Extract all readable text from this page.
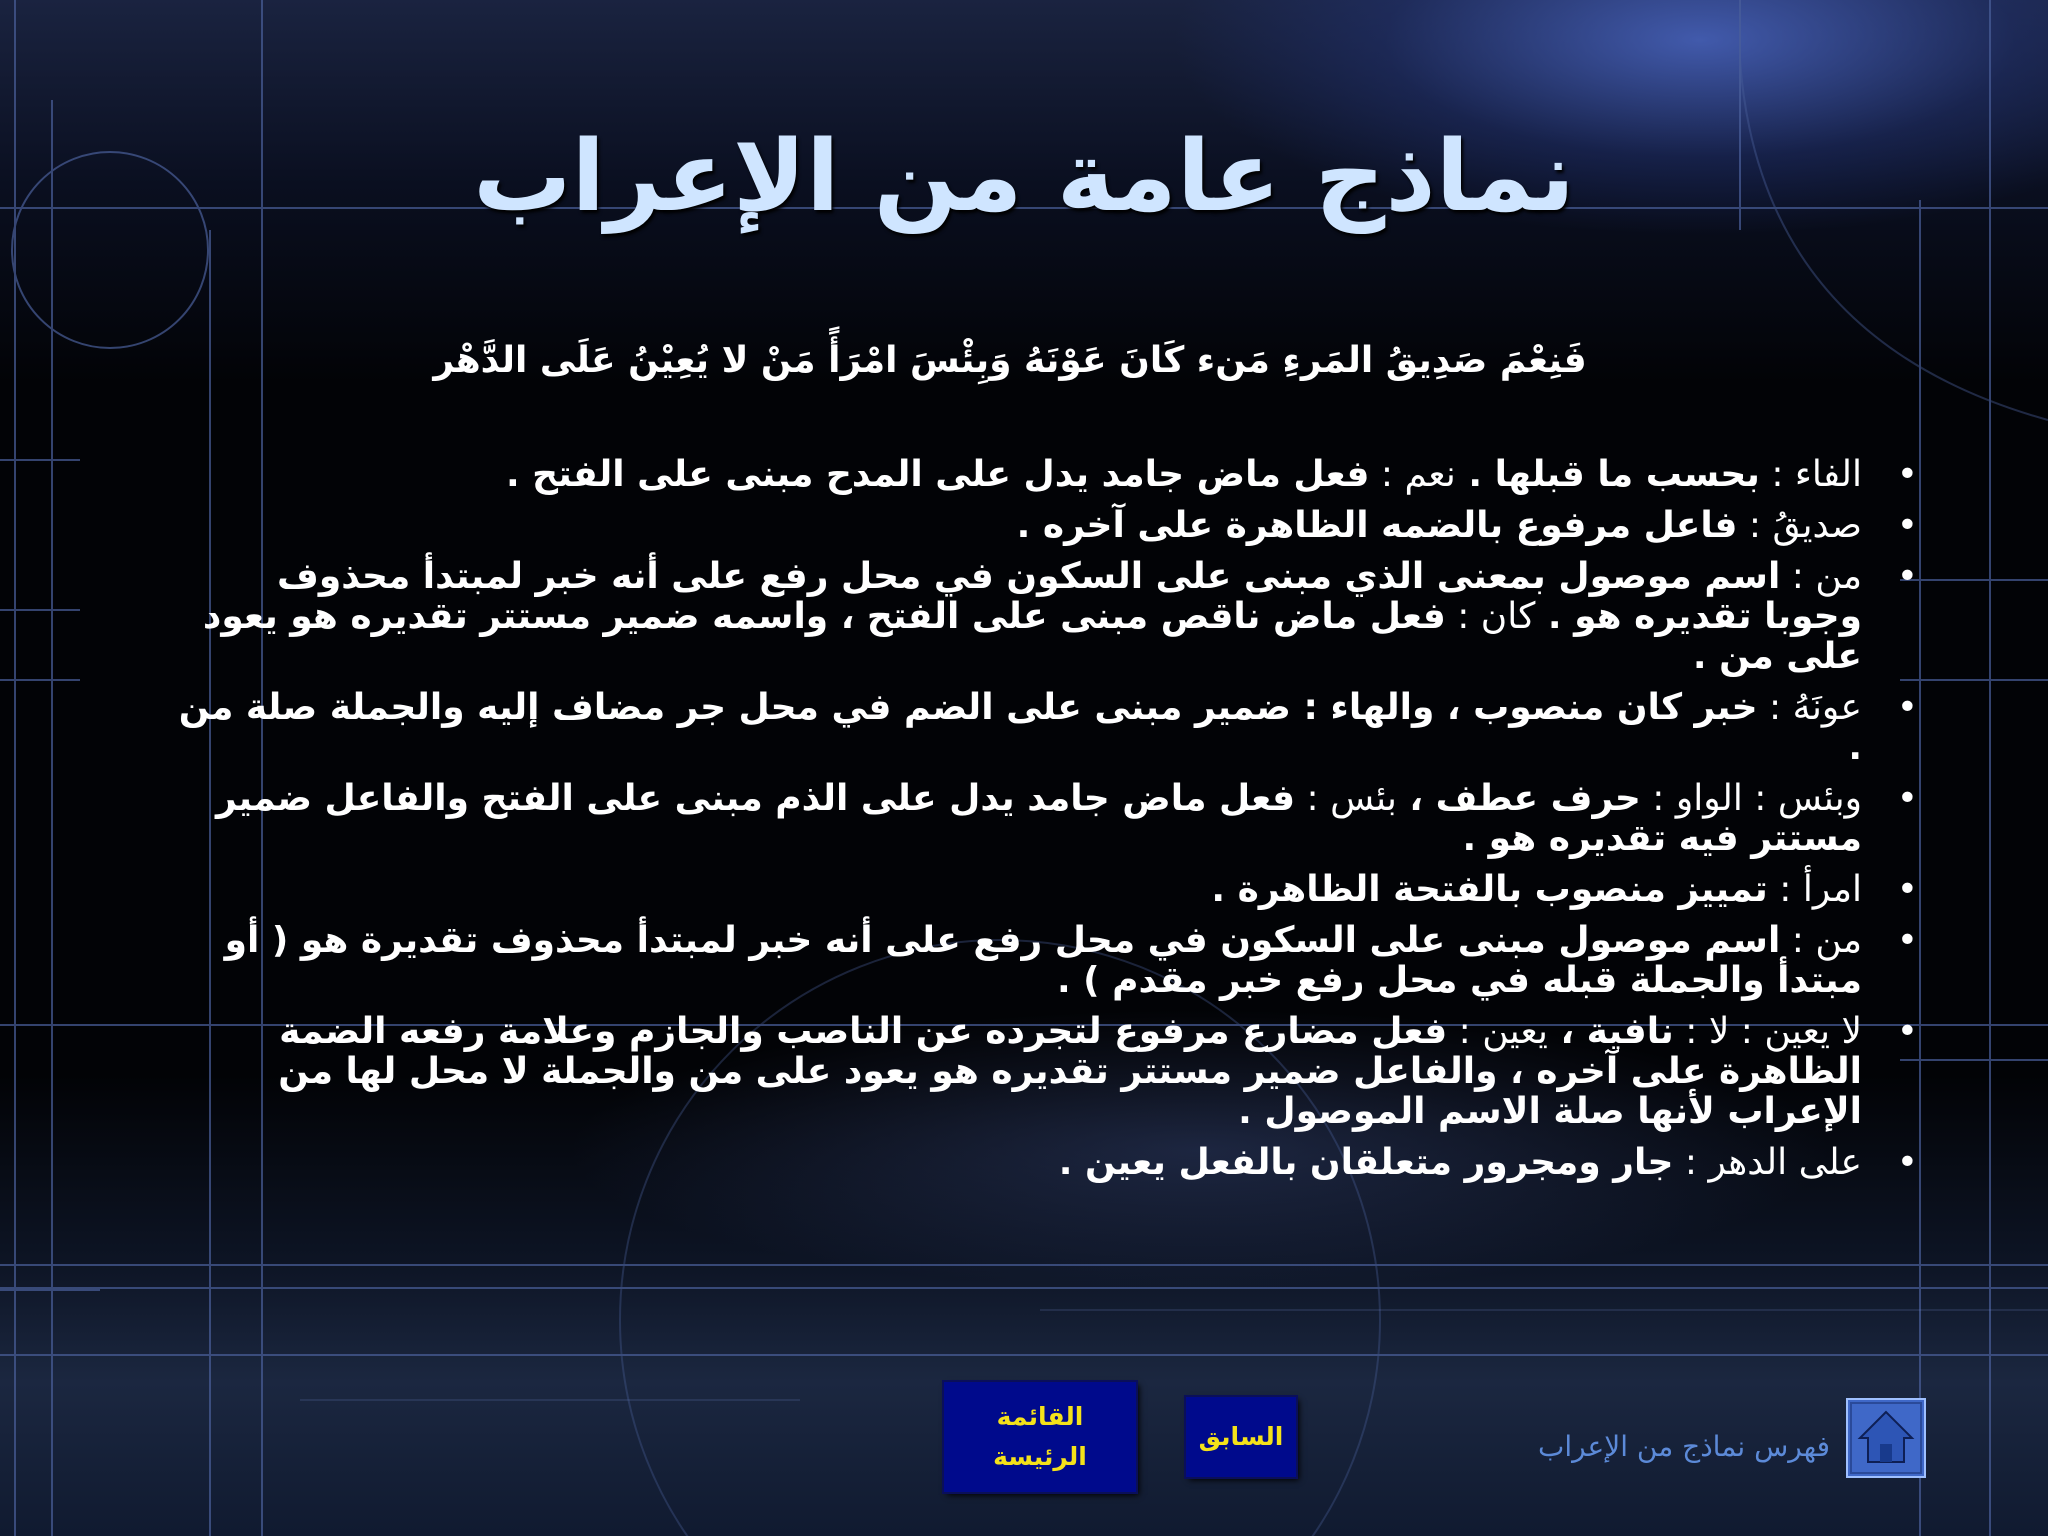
نماذج عامة من الإعراب
فَنِعْمَ صَدِيقُ المَرءِ مَنء كَانَ عَوْنَهُ وَبِئْسَ امْرَأً مَنْ لا يُعِيْنُ عَلَى الدَّهْر
•
الفاء : بحسب ما قبلها . نعم : فعل ماض جامد يدل على المدح مبنى على الفتح .
•
صديقُ : فاعل مرفوع بالضمه الظاهرة على آخره .
•
من : اسم موصول بمعنى الذي مبنى على السكون في محل رفع على أنه خبر لمبتدأ محذوف وجوبا تقديره هو . كان : فعل ماض ناقص مبنى على الفتح ، واسمه ضمير مستتر تقديره هو يعود على من .
•
عونَهُ : خبر كان منصوب ، والهاء : ضمير مبنى على الضم في محل جر مضاف إليه والجملة صلة من .
•
وبئس : الواو : حرف عطف ، بئس : فعل ماض جامد يدل على الذم مبنى على الفتح والفاعل ضمير مستتر فيه تقديره هو .
•
امرأ : تمييز منصوب بالفتحة الظاهرة .
•
من : اسم موصول مبنى على السكون في محل رفع على أنه خبر لمبتدأ محذوف تقديرة هو ( أو مبتدأ والجملة قبله في محل رفع خبر مقدم ) .
•
لا يعين : لا : نافية ، يعين : فعل مضارع مرفوع لتجرده عن الناصب والجازم وعلامة رفعه الضمة الظاهرة على آخره ، والفاعل ضمير مستتر تقديره هو يعود على من والجملة لا محل لها من الإعراب لأنها صلة الاسم الموصول .
•
على الدهر : جار ومجرور متعلقان بالفعل يعين .
القائمة
الرئيسة
السابق	فهرس نماذج من الإعراب
